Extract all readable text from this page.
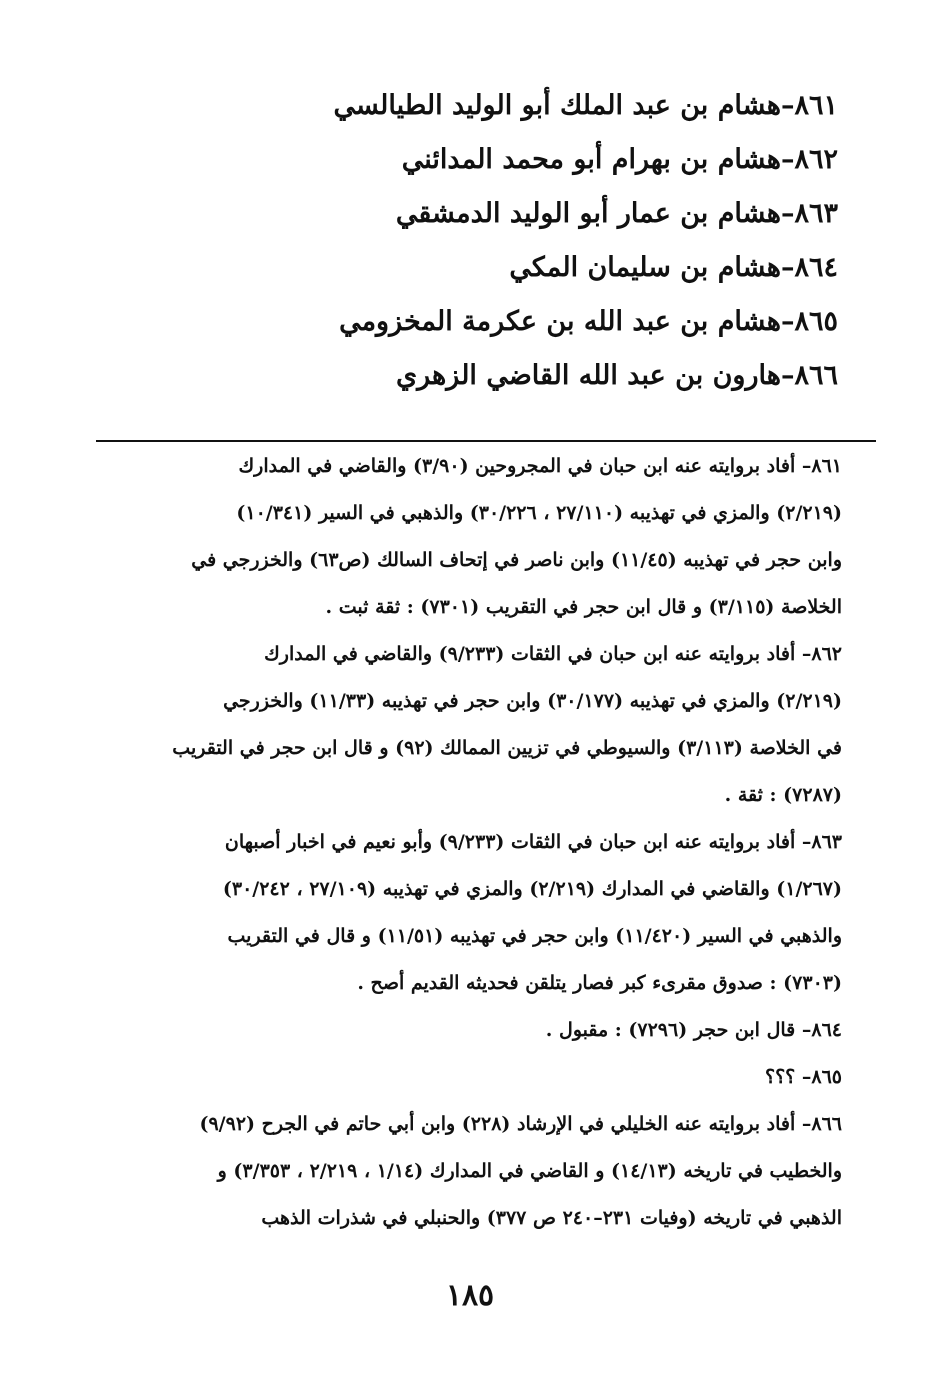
٨٦١–هشام بن عبد الملك أبو الوليد الطيالسي
٨٦٢–هشام بن بهرام أبو محمد المدائني
٨٦٣–هشام بن عمار أبو الوليد الدمشقي
٨٦٤–هشام بن سليمان المكي
٨٦٥–هشام بن عبد الله بن عكرمة المخزومي
٨٦٦–هارون بن عبد الله القاضي الزهري
٨٦١– أفاد بروايته عنه ابن حبان في المجروحين (٣/٩٠) والقاضي في المدارك
(٢/٢١٩) والمزي في تهذيبه (٢٧/١١٠ ، ٣٠/٢٢٦) والذهبي في السير (١٠/٣٤١)
وابن حجر في تهذيبه (١١/٤٥) وابن ناصر في إتحاف السالك (ص٦٣) والخزرجي في
الخلاصة (٣/١١٥) و قال ابن حجر في التقريب (٧٣٠١) : ثقة ثبت .
٨٦٢– أفاد بروايته عنه ابن حبان في الثقات (٩/٢٣٣) والقاضي في المدارك
(٢/٢١٩) والمزي في تهذيبه (٣٠/١٧٧) وابن حجر في تهذيبه (١١/٣٣) والخزرجي
في الخلاصة (٣/١١٣) والسيوطي في تزيين الممالك (٩٢) و قال ابن حجر في التقريب
(٧٢٨٧) : ثقة .
٨٦٣– أفاد بروايته عنه ابن حبان في الثقات (٩/٢٣٣) وأبو نعيم في اخبار أصبهان
(١/٢٦٧) والقاضي في المدارك (٢/٢١٩) والمزي في تهذيبه (٢٧/١٠٩ ، ٣٠/٢٤٢)
والذهبي في السير (١١/٤٢٠) وابن حجر في تهذيبه (١١/٥١) و قال في التقريب
(٧٣٠٣) : صدوق مقرىء كبر فصار يتلقن فحديثه القديم أصح .
٨٦٤– قال ابن حجر (٧٢٩٦) : مقبول .
٨٦٥– ؟؟؟
٨٦٦– أفاد بروايته عنه الخليلي في الإرشاد (٢٢٨) وابن أبي حاتم في الجرح (٩/٩٢)
والخطيب في تاريخه (١٤/١٣) و القاضي في المدارك (١/١٤ ، ٢/٢١٩ ، ٣/٣٥٣) و
الذهبي في تاريخه (وفيات ٢٣١–٢٤٠ ص ٣٧٧) والحنبلي في شذرات الذهب
١٨٥
